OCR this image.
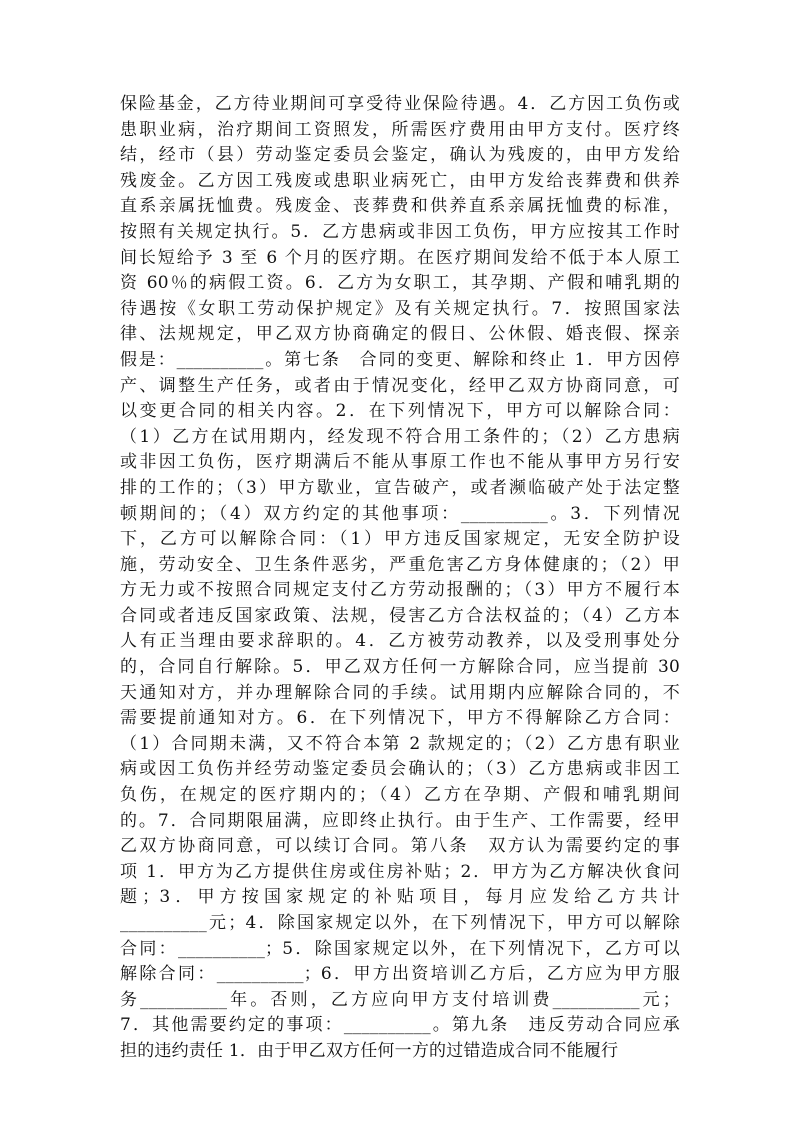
保险基金，乙方待业期间可享受待业保险待遇。4．乙方因工负伤或
患职业病，治疗期间工资照发，所需医疗费用由甲方支付。医疗终
结，经市（县）劳动鉴定委员会鉴定，确认为残废的，由甲方发给
残废金。乙方因工残废或患职业病死亡，由甲方发给丧葬费和供养
直系亲属抚恤费。残废金、丧葬费和供养直系亲属抚恤费的标准，
按照有关规定执行。5．乙方患病或非因工负伤，甲方应按其工作时
间长短给予 3 至 6 个月的医疗期。在医疗期间发给不低于本人原工
资 60％的病假工资。6．乙方为女职工，其孕期、产假和哺乳期的
待遇按《女职工劳动保护规定》及有关规定执行。7．按照国家法
律、法规规定，甲乙双方协商确定的假日、公休假、婚丧假、探亲
假是：__________。第七条　合同的变更、解除和终止 1．甲方因停
产、调整生产任务，或者由于情况变化，经甲乙双方协商同意，可
以变更合同的相关内容。2．在下列情况下，甲方可以解除合同：
（1）乙方在试用期内，经发现不符合用工条件的；（2）乙方患病
或非因工负伤，医疗期满后不能从事原工作也不能从事甲方另行安
排的工作的；（3）甲方歇业，宣告破产，或者濒临破产处于法定整
顿期间的；（4）双方约定的其他事项：__________。3．下列情况
下，乙方可以解除合同：（1）甲方违反国家规定，无安全防护设
施，劳动安全、卫生条件恶劣，严重危害乙方身体健康的；（2）甲
方无力或不按照合同规定支付乙方劳动报酬的；（3）甲方不履行本
合同或者违反国家政策、法规，侵害乙方合法权益的；（4）乙方本
人有正当理由要求辞职的。4．乙方被劳动教养，以及受刑事处分
的，合同自行解除。5．甲乙双方任何一方解除合同，应当提前 30
天通知对方，并办理解除合同的手续。试用期内应解除合同的，不
需要提前通知对方。6．在下列情况下，甲方不得解除乙方合同：
（1）合同期未满，又不符合本第 2 款规定的；（2）乙方患有职业
病或因工负伤并经劳动鉴定委员会确认的；（3）乙方患病或非因工
负伤，在规定的医疗期内的；（4）乙方在孕期、产假和哺乳期间
的。7．合同期限届满，应即终止执行。由于生产、工作需要，经甲
乙双方协商同意，可以续订合同。第八条　双方认为需要约定的事
项 1．甲方为乙方提供住房或住房补贴；2．甲方为乙方解决伙食问
题；3．甲方按国家规定的补贴项目，每月应发给乙方共计
__________元；4．除国家规定以外，在下列情况下，甲方可以解除
合同：__________；5．除国家规定以外，在下列情况下，乙方可以
解除合同：__________；6．甲方出资培训乙方后，乙方应为甲方服
务__________年。否则，乙方应向甲方支付培训费__________元；
7．其他需要约定的事项：__________。第九条　违反劳动合同应承
担的违约责任 1．由于甲乙双方任何一方的过错造成合同不能履行
